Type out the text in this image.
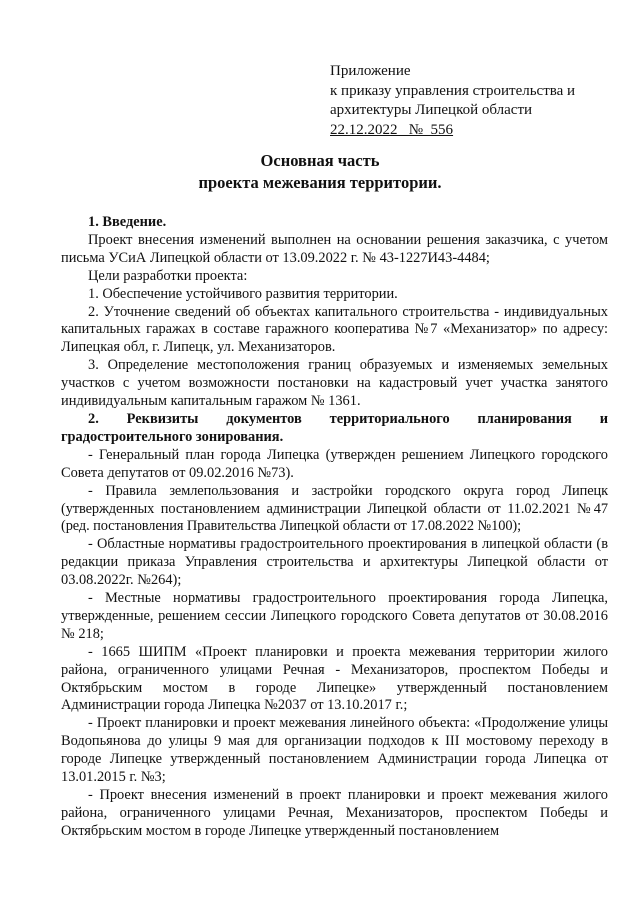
Приложение
к приказу управления строительства и
архитектуры Липецкой области
22.12.2022   №  556
Основная часть
проекта межевания территории.

1. Введение.

Проект внесения изменений выполнен на основании решения заказчика, с учетом письма УСиА Липецкой области от 13.09.2022 г. № 43-1227И43-4484;

Цели разработки проекта:

1. Обеспечение устойчивого развития территории.

2. Уточнение сведений об объектах капитального строительства - индивидуальных капитальных гаражах в составе гаражного кооператива №7 «Механизатор» по адресу: Липецкая обл, г. Липецк, ул. Механизаторов.

3. Определение местоположения границ образуемых и изменяемых земельных участков с учетом возможности постановки на кадастровый учет участка занятого индивидуальным капитальным гаражом № 1361.

2. Реквизиты документов территориального планирования и градостроительного зонирования.

- Генеральный план города Липецка (утвержден решением Липецкого городского Совета депутатов от 09.02.2016 №73).

- Правила землепользования и застройки городского округа город Липецк (утвержденных постановлением администрации Липецкой области от 11.02.2021 №47 (ред. постановления Правительства Липецкой области от 17.08.2022 №100);

- Областные нормативы градостроительного проектирования в липецкой области (в редакции приказа Управления строительства и архитектуры Липецкой области от 03.08.2022г. №264);

- Местные нормативы градостроительного проектирования города Липецка, утвержденные, решением сессии Липецкого городского Совета депутатов от 30.08.2016 № 218;

- 1665 ШИПМ «Проект планировки и проекта межевания территории жилого района, ограниченного улицами Речная - Механизаторов, проспектом Победы и Октябрьским мостом в городе Липецке» утвержденный постановлением Администрации города Липецка №2037 от 13.10.2017 г.;

- Проект планировки и проект межевания линейного объекта: «Продолжение улицы Водопьянова до улицы 9 мая для организации подходов к III мостовому переходу в городе Липецке утвержденный постановлением Администрации города Липецка от 13.01.2015 г. №3;

- Проект внесения изменений в проект планировки и проект межевания жилого района, ограниченного улицами Речная, Механизаторов, проспектом Победы и Октябрьским мостом в городе Липецке утвержденный постановлением
